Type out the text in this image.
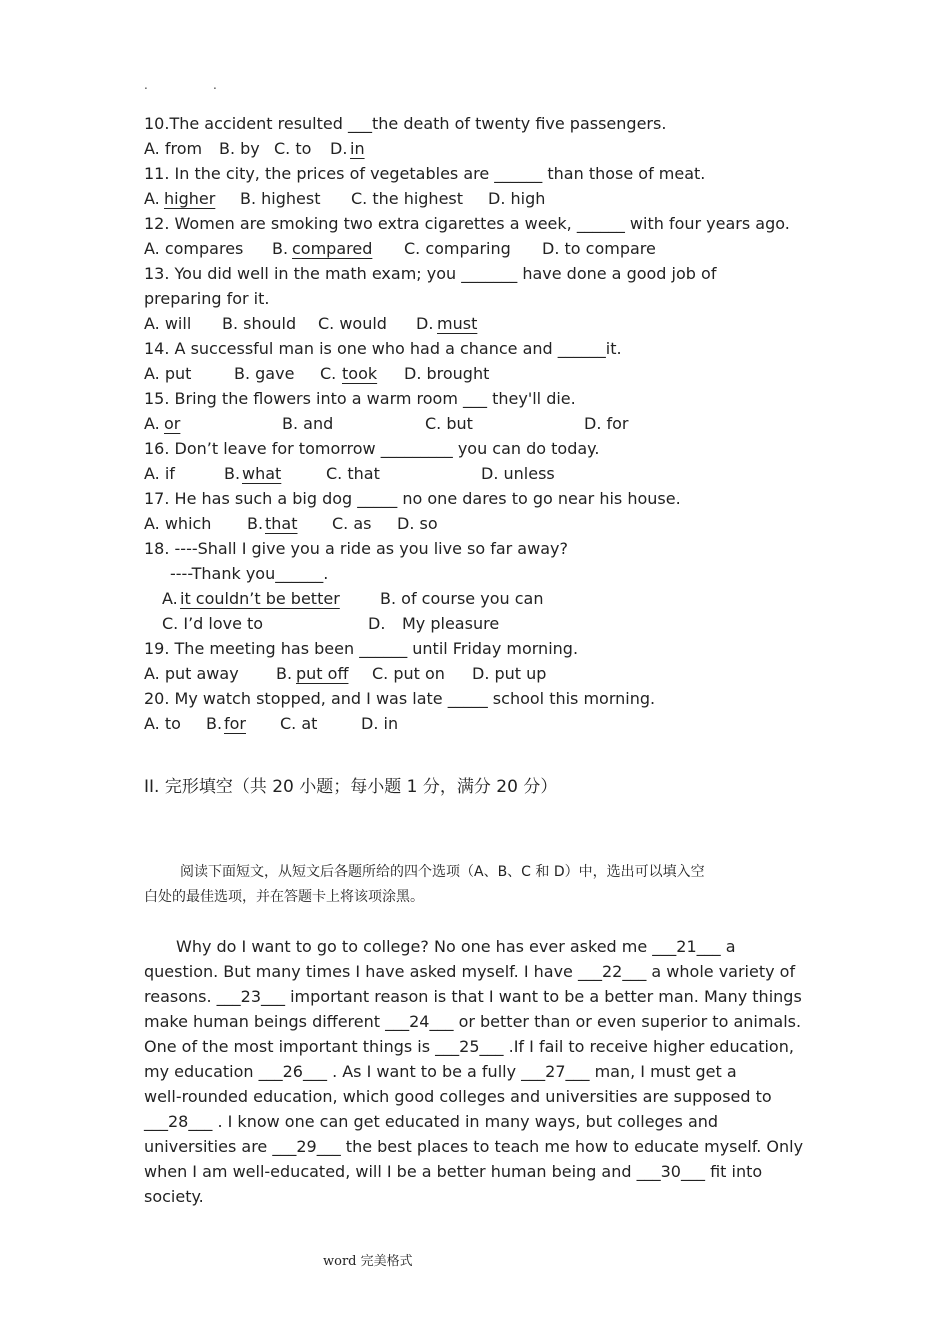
.	.
10.The accident resulted ___the death of twenty five passengers.
A. from B. by C. to D. in
11. In the city, the prices of vegetables are ______ than those of meat.
A. higher B. highest C. the highest D. high
12. Women are smoking two extra cigarettes a week, ______ with four years ago.
A. compares B. compared C. comparing D. to compare
13. You did well in the math exam; you _______ have done a good job of
preparing for it.
A. will B. should C. would D. must
14. A successful man is one who had a chance and ______it.
A. put	B. gave C. took D. brought
15. Bring the flowers into a warm room ___ they'll die.
A. or	B. and	C. but	D. for
16. Don’t leave for tomorrow _________ you can do today.
A. if	B. what	C. that	D. unless
17. He has such a big dog _____ no one dares to go near his house.
A. which B. that C. as D. so
18. ----Shall I give you a ride as you live so far away?
----Thank you______.
A. it couldn’t be better	B. of course you can
C. I’d love to	D. My pleasure
19. The meeting has been ______ until Friday morning.
A. put away B. put off C. put on D. put up
20. My watch stopped, and I was late _____ school this morning.
A. to B. for C. at	D. in
II. 完形填空（共 20 小题；每小题 1 分，满分 20 分）
阅读下面短文，从短文后各题所给的四个选项（A、B、C 和 D）中，选出可以填入空
白处的最佳选项，并在答题卡上将该项涂黑。
Why do I want to go to college? No one has ever asked me ___21___ a
question. But many times I have asked myself. I have ___22___ a whole variety of
reasons. ___23___ important reason is that I want to be a better man. Many things
make human beings different ___24___ or better than or even superior to animals.
One of the most important things is ___25___ .If I fail to receive higher education,
my education ___26___ . As I want to be a fully ___27___ man, I must get a
well-rounded education, which good colleges and universities are supposed to
___28___ . I know one can get educated in many ways, but colleges and
universities are ___29___ the best places to teach me how to educate myself. Only
when I am well-educated, will I be a better human being and ___30___ fit into
society.
word 完美格式
